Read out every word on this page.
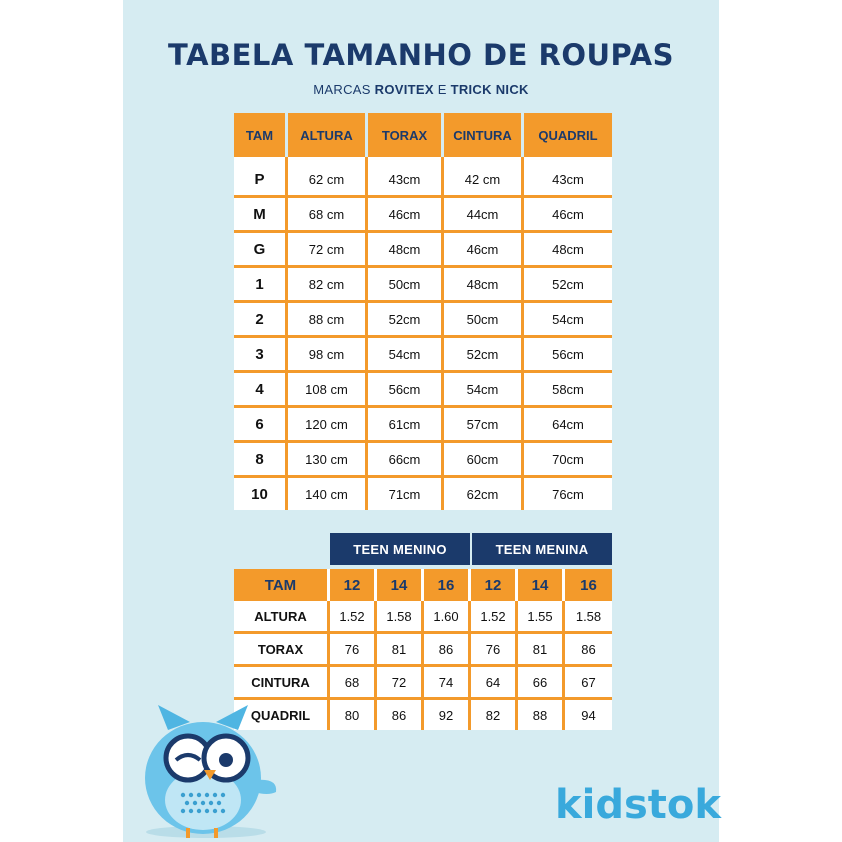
TABELA TAMANHO DE ROUPAS
MARCAS ROVITEX E TRICK NICK
TAM	ALTURA	TORAX	CINTURA	QUADRIL
P	62 cm	43cm	42 cm	43cm
M	68 cm	46cm	44cm	46cm
G	72 cm	48cm	46cm	48cm
1	82 cm	50cm	48cm	52cm
2	88 cm	52cm	50cm	54cm
3	98 cm	54cm	52cm	56cm
4	108 cm	56cm	54cm	58cm
6	120 cm	61cm	57cm	64cm
8	130 cm	66cm	60cm	70cm
10	140 cm	71cm	62cm	76cm
TEEN MENINO	TEEN MENINA
TAM	12	14	16	12	14	16
ALTURA	1.52	1.58	1.60	1.52	1.55	1.58
TORAX	76	81	86	76	81	86
CINTURA	68	72	74	64	66	67
QUADRIL	80	86	92	82	88	94
kidstok
